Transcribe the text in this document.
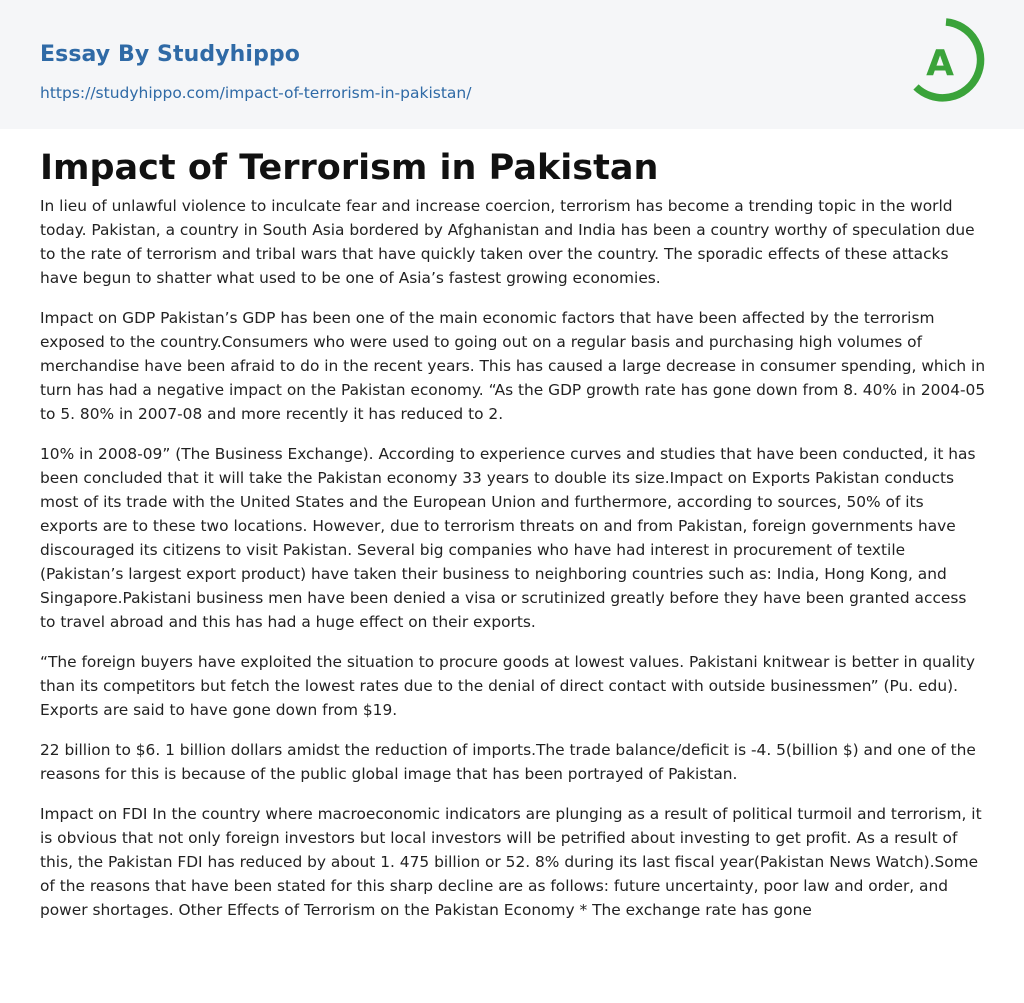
Essay By Studyhippo
https://studyhippo.com/impact-of-terrorism-in-pakistan/
A
Impact of Terrorism in Pakistan

In lieu of unlawful violence to inculcate fear and increase coercion, terrorism has become a trending topic in the world today. Pakistan, a country in South Asia bordered by Afghanistan and India has been a country worthy of speculation due to the rate of terrorism and tribal wars that have quickly taken over the country. The sporadic effects of these attacks have begun to shatter what used to be one of Asia’s fastest growing economies.

Impact on GDP Pakistan’s GDP has been one of the main economic factors that have been affected by the terrorism exposed to the country.Consumers who were used to going out on a regular basis and purchasing high volumes of merchandise have been afraid to do in the recent years. This has caused a large decrease in consumer spending, which in turn has had a negative impact on the Pakistan economy. “As the GDP growth rate has gone down from 8. 40% in 2004-05 to 5. 80% in 2007-08 and more recently it has reduced to 2.

10% in 2008-09” (The Business Exchange). According to experience curves and studies that have been conducted, it has been concluded that it will take the Pakistan economy 33 years to double its size.Impact on Exports Pakistan conducts most of its trade with the United States and the European Union and furthermore, according to sources, 50% of its exports are to these two locations. However, due to terrorism threats on and from Pakistan, foreign governments have discouraged its citizens to visit Pakistan. Several big companies who have had interest in procurement of textile (Pakistan’s largest export product) have taken their business to neighboring countries such as: India, Hong Kong, and Singapore.Pakistani business men have been denied a visa or scrutinized greatly before they have been granted access to travel abroad and this has had a huge effect on their exports.

“The foreign buyers have exploited the situation to procure goods at lowest values. Pakistani knitwear is better in quality than its competitors but fetch the lowest rates due to the denial of direct contact with outside businessmen” (Pu. edu). Exports are said to have gone down from $19.

22 billion to $6. 1 billion dollars amidst the reduction of imports.The trade balance/deficit is -4. 5(billion $) and one of the reasons for this is because of the public global image that has been portrayed of Pakistan.

Impact on FDI In the country where macroeconomic indicators are plunging as a result of political turmoil and terrorism, it is obvious that not only foreign investors but local investors will be petrified about investing to get profit. As a result of this, the Pakistan FDI has reduced by about 1. 475 billion or 52. 8% during its last fiscal year(Pakistan News Watch).Some of the reasons that have been stated for this sharp decline are as follows: future uncertainty, poor law and order, and power shortages. Other Effects of Terrorism on the Pakistan Economy * The exchange rate has gone
